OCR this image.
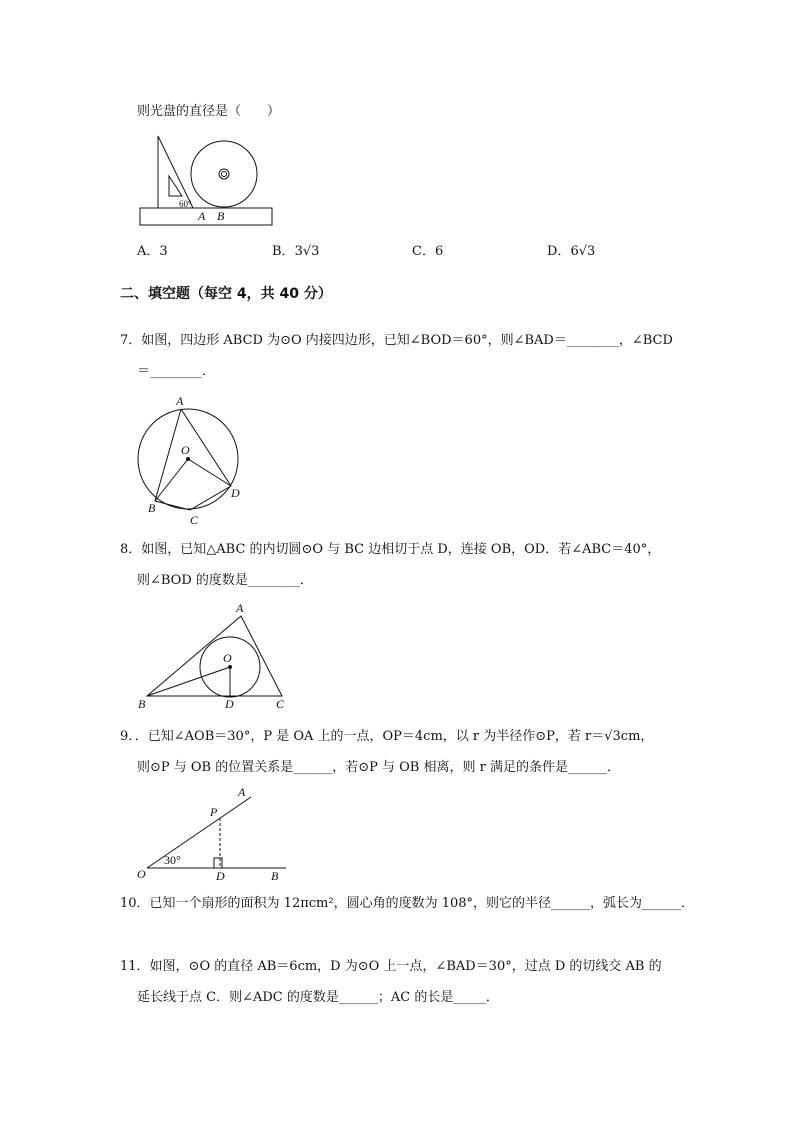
则光盘的直径是（　　）
60°
A B
A．3	B．3√3	C．6	D．6√3
二、填空题（每空 4，共 40 分）
7．如图，四边形 ABCD 为⊙O 内接四边形，已知∠BOD＝60°，则∠BAD＝________，∠BCD
＝________．
A
O
B
C
D
8．如图，已知△ABC 的内切圆⊙O 与 BC 边相切于点 D，连接 OB，OD．若∠ABC＝40°，
则∠BOD 的度数是________．
A
O
B	D	C
9．．已知∠AOB＝30°，P 是 OA 上的一点，OP＝4cm，以 r 为半径作⊙P，若 r＝√3cm，
则⊙P 与 OB 的位置关系是______，若⊙P 与 OB 相离，则 r 满足的条件是______．
A
P
30°
O	D	B
10．已知一个扇形的面积为 12πcm²，圆心角的度数为 108°，则它的半径______，弧长为______．
11．如图，⊙O 的直径 AB＝6cm，D 为⊙O 上一点，∠BAD＝30°，过点 D 的切线交 AB 的
延长线于点 C．则∠ADC 的度数是______；AC 的长是_____．
